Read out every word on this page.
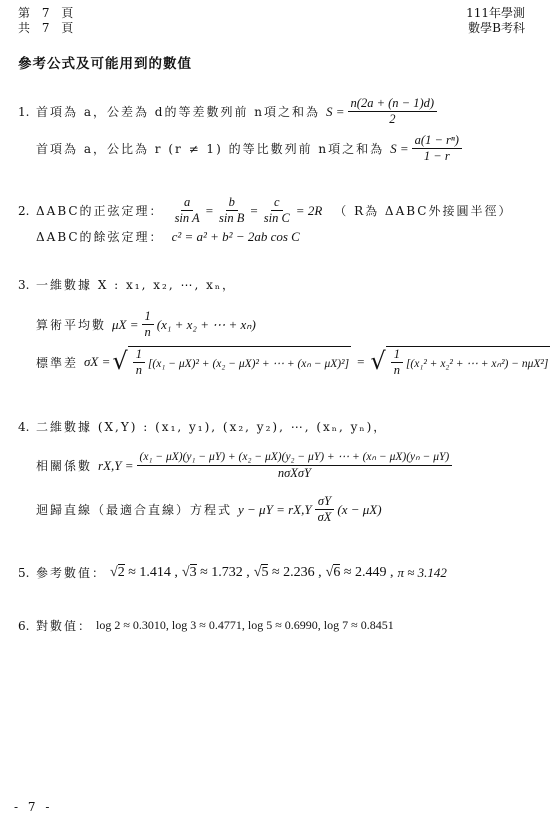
第 7 頁
共 7 頁
111年學測
數學B考科
參考公式及可能用到的數值
1. 首項為 a，公差為 d的等差數列前 n項之和為 $S = \frac{n(2a + (n - 1)d)}{2}$
首項為 a，公比為 r (r ≠ 1) 的等比數列前 n項之和為 $S = \frac{\text{a(1 − rⁿ)}}{1 - r}$
2. ΔABC的正弦定理： $\frac{a}{\text{sin A}} = \frac{b}{\text{sin B}} = \frac{c}{\text{sin C}} = 2R$ （ R為 ΔABC外接圓半徑）
ΔABC的餘弦定理： c² = a² + b² − 2ab cos C
3. 一維數據 X : x₁, x₂, ⋯, xₙ，
算術平均數 $\mu X = \frac{1}{n} (x_1 + x_2$ + ⋯ + xₙ)
標準差 σX = √ $\frac{1}{n} [(x_1 - \mu X)^2 + (x_2 - \mu X)^2$ + ⋯ + (xₙ − μX)²] = √ $\frac{1}{n} [(x_1^2 + x_2^2$ + ⋯ + xₙ²) − nμX²]
4. 二維數據 (X,Y) : (x₁, y₁), (x₂, y₂), ⋯, (xₙ, yₙ)，
相關係數 rX,Y =
(x₁ − μX)(y₁ − μY) + (x₂ − μX)(y₂ − μY) + ⋯ + (xₙ − μX)(yₙ − μY)
nσXσY
迴歸直線（最適合直線）方程式 $y - \mu Y = rX,Y \frac{\sigma Y}{\sigma X} (x - \mu X)$
5. 參考數值： √2 ≈ 1.414 , √3 ≈ 1.732 , √5 ≈ 2.236 , √6 ≈ 2.449 , π ≈ 3.142
6. 對數值： log 2 ≈ 0.3010, log 3 ≈ 0.4771, log 5 ≈ 0.6990, log 7 ≈ 0.8451
- 7 -
